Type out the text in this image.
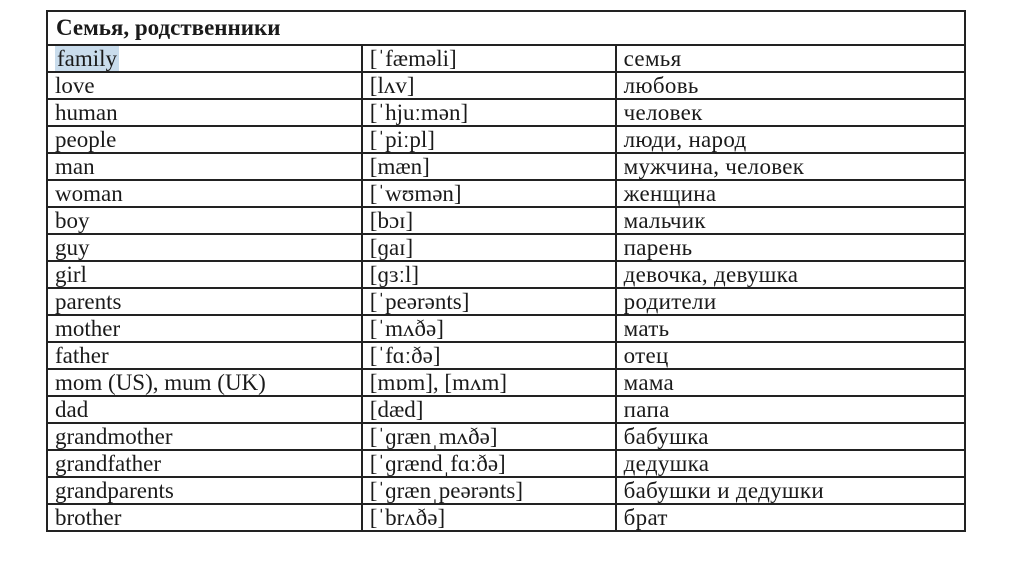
Семья, родственники		
family	[ˈfæməli]	семья
love	[lʌv]	любовь
human	[ˈhjuːmən]	человек
people	[ˈpiːpl]	люди, народ
man	[mæn]	мужчина, человек
woman	[ˈwʊmən]	женщина
boy	[bɔɪ]	мальчик
guy	[ɡaɪ]	парень
girl	[ɡɜːl]	девочка, девушка
parents	[ˈpeərənts]	родители
mother	[ˈmʌðə]	мать
father	[ˈfɑːðə]	отец
mom (US), mum (UK)	[mɒm], [mʌm]	мама
dad	[dæd]	папа
grandmother	[ˈɡrænˌmʌðə]	бабушка
grandfather	[ˈɡrændˌfɑːðə]	дедушка
grandparents	[ˈɡrænˌpeərənts]	бабушки и дедушки
brother	[ˈbrʌðə]	брат
